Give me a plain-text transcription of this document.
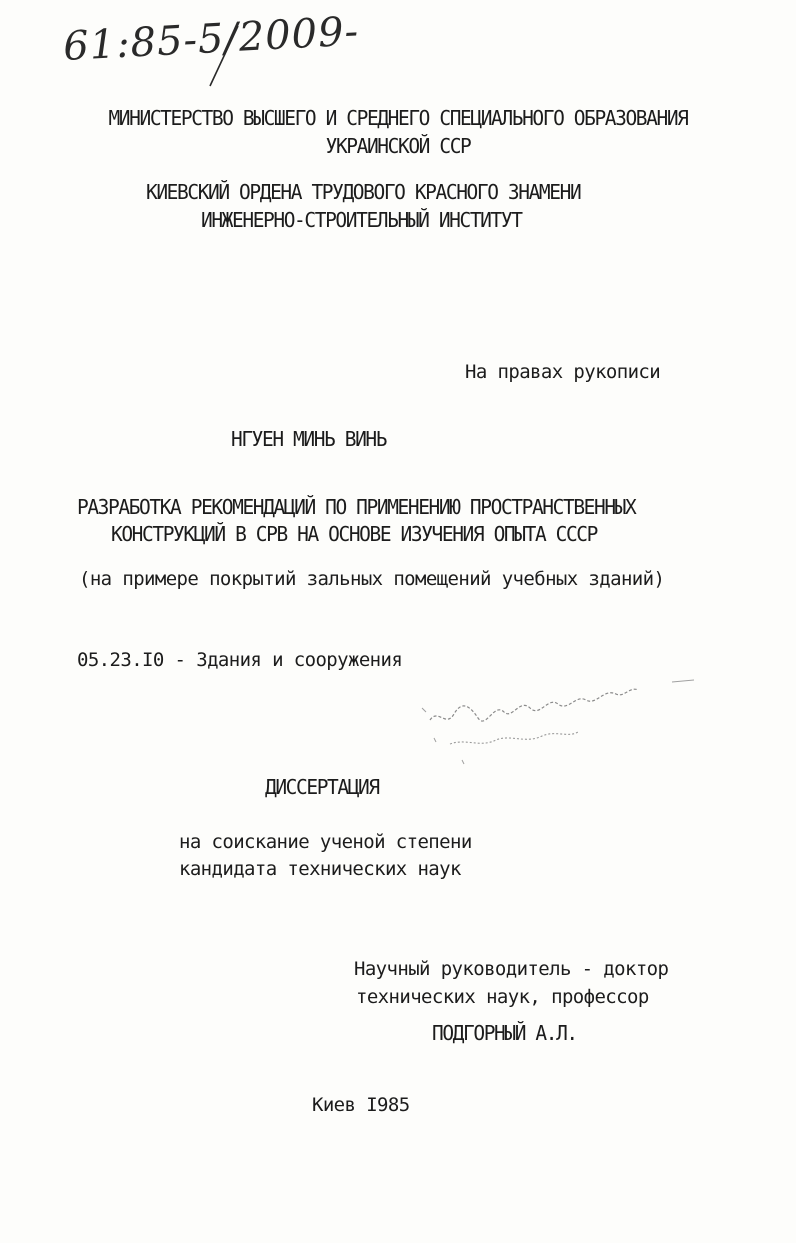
61:85-5/2009-1
МИНИСТЕРСТВО ВЫСШЕГО И СРЕДНЕГО СПЕЦИАЛЬНОГО ОБРАЗОВАНИЯ
УКРАИНСКОЙ ССР
КИЕВСКИЙ ОРДЕНА ТРУДОВОГО КРАСНОГО ЗНАМЕНИ
ИНЖЕНЕРНО-СТРОИТЕЛЬНЫЙ ИНСТИТУТ
На правах рукописи
НГУЕН МИНЬ ВИНЬ
РАЗРАБОТКА РЕКОМЕНДАЦИЙ ПО ПРИМЕНЕНИЮ ПРОСТРАНСТВЕННЫХ
КОНСТРУКЦИЙ В СРВ НА ОСНОВЕ ИЗУЧЕНИЯ ОПЫТА СССР
(на примере покрытий зальных помещений учебных зданий)
05.23.I0 - Здания и сооружения
ДИССЕРТАЦИЯ
на соискание ученой степени
кандидата технических наук
Научный руководитель - доктор
технических наук, профессор
ПОДГОРНЫЙ А.Л.
Киев I985
